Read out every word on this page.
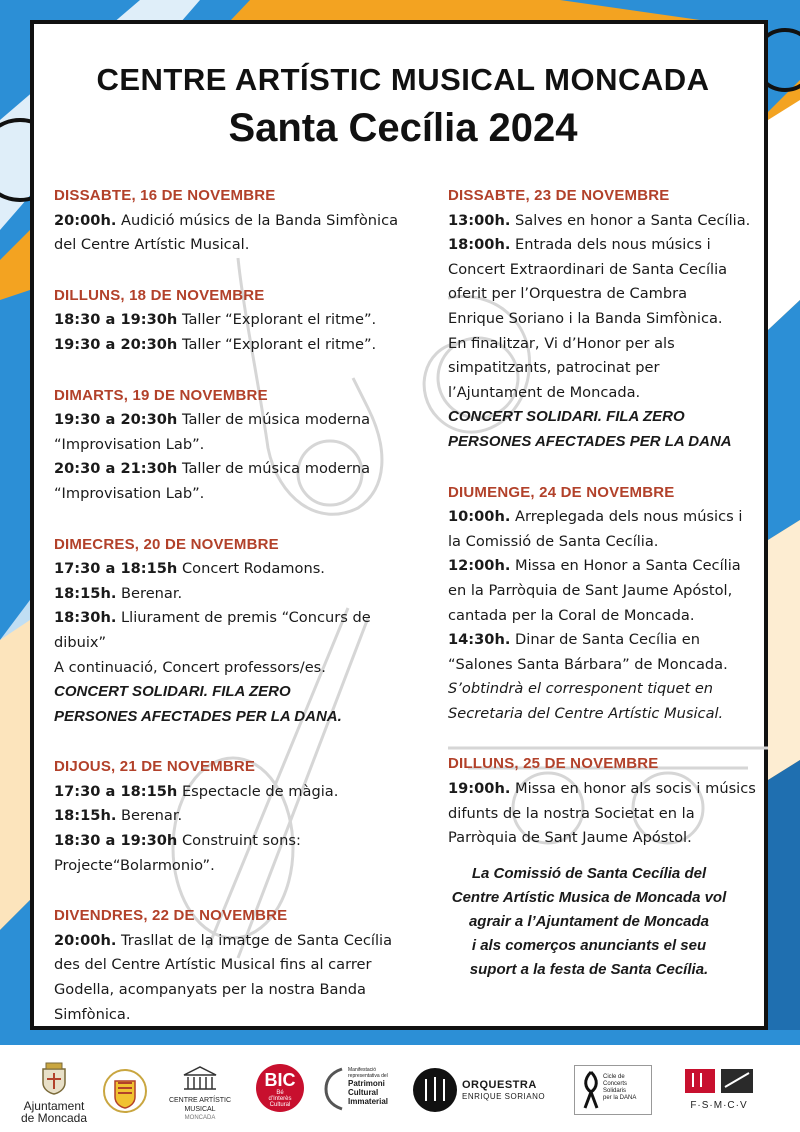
CENTRE ARTÍSTIC MUSICAL MONCADA
Santa Cecília 2024
DISSABTE, 16 DE NOVEMBRE
20:00h. Audició músics de la Banda Simfònica
del Centre Artístic Musical.
DILLUNS, 18 DE NOVEMBRE
18:30 a 19:30h Taller “Explorant el ritme”.
19:30 a 20:30h Taller “Explorant el ritme”.
DIMARTS, 19 DE NOVEMBRE
19:30 a 20:30h Taller de música moderna
“Improvisation Lab”.
20:30 a 21:30h Taller de música moderna
“Improvisation Lab”.
DIMECRES, 20 DE NOVEMBRE
17:30 a 18:15h Concert Rodamons.
18:15h. Berenar.
18:30h. Lliurament de premis “Concurs de dibuix”
A continuació, Concert professors/es.
CONCERT SOLIDARI. FILA ZERO
PERSONES AFECTADES PER LA DANA.
DIJOUS, 21 DE NOVEMBRE
17:30 a 18:15h Espectacle de màgia.
18:15h. Berenar.
18:30 a 19:30h Construint sons:
Projecte“Bolarmonio”.
DIVENDRES, 22 DE NOVEMBRE
20:00h. Trasllat de la imatge de Santa Cecília
des del Centre Artístic Musical fins al carrer
Godella, acompanyats per la nostra Banda
Simfònica.
DISSABTE, 23 DE NOVEMBRE
13:00h. Salves en honor a Santa Cecília.
18:00h. Entrada dels nous músics i
Concert Extraordinari de Santa Cecília
oferit per l’Orquestra de Cambra
Enrique Soriano i la Banda Simfònica.
En finalitzar, Vi d’Honor per als
simpatitzants, patrocinat per
l’Ajuntament de Moncada.
CONCERT SOLIDARI. FILA ZERO
PERSONES AFECTADES PER LA DANA
DIUMENGE, 24 DE NOVEMBRE
10:00h. Arreplegada dels nous músics i
la Comissió de Santa Cecília.
12:00h. Missa en Honor a Santa Cecília
en la Parròquia de Sant Jaume Apóstol,
cantada per la Coral de Moncada.
14:30h. Dinar de Santa Cecília en
“Salones Santa Bárbara” de Moncada.
S’obtindrà el corresponent tiquet en
Secretaria del Centre Artístic Musical.
DILLUNS, 25 DE NOVEMBRE
19:00h. Missa en honor als socis i músics
difunts de la nostra Societat en la
Parròquia de Sant Jaume Apóstol.
La Comissió de Santa Cecília del
Centre Artístic Musica de Moncada vol
agrair a l’Ajuntament de Moncada
i als comerços anunciants el seu
suport a la festa de Santa Cecília.
Ajuntament
de Moncada
CENTRE ARTÍSTIC MUSICAL
MONCADA
BIC
Bé
d’Interès
Cultural
Manifestació
representativa del
Patrimoni
Cultural
Immaterial
ORQUESTRA
ENRIQUE SORIANO
Cicle de
Concerts Solidaris
per la DANA
F·S·M·C·V
